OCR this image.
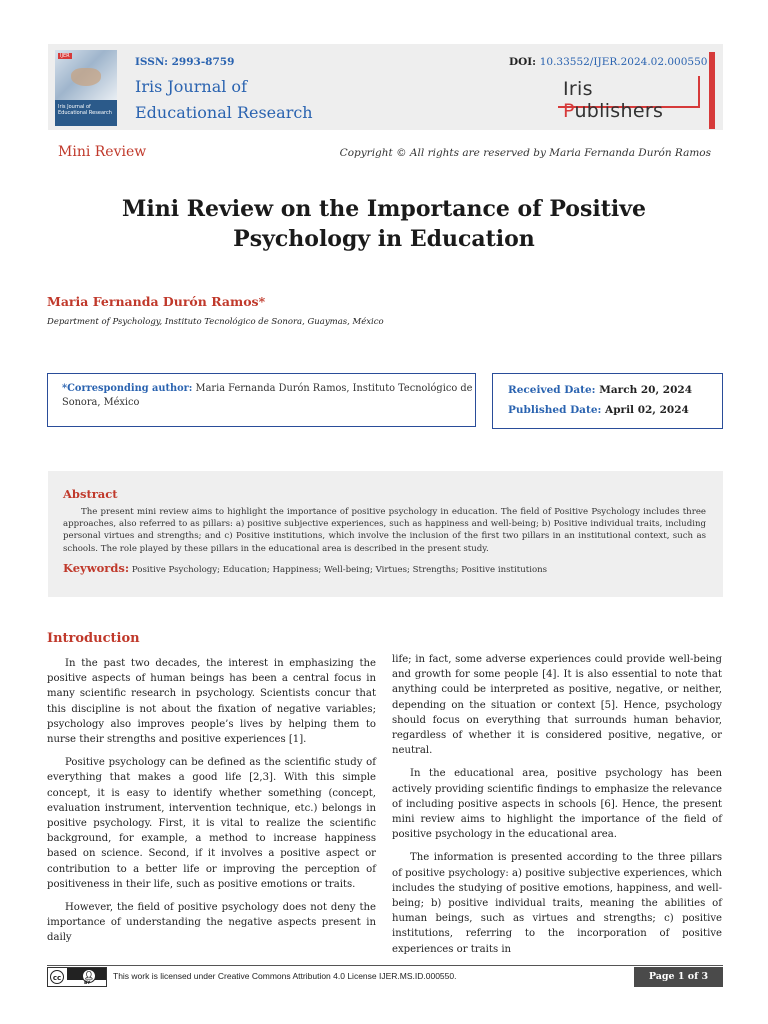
IJER
Iris Journal of Educational Research
ISSN: 2993-8759
Iris Journal of
Educational Research
DOI: 10.33552/IJER.2024.02.000550
Iris Publishers
Mini Review	Copyright © All rights are reserved by Maria Fernanda Durón Ramos
Mini Review on the Importance of Positive
Psychology in Education
Maria Fernanda Durón Ramos*
Department of Psychology, Instituto Tecnológico de Sonora, Guaymas, México
*Corresponding author: Maria Fernanda Durón Ramos, Instituto Tecnológico de Sonora, México
Received Date: March 20, 2024
Published Date: April 02, 2024
Abstract
The present mini review aims to highlight the importance of positive psychology in education. The field of Positive Psychology includes three approaches, also referred to as pillars: a) positive subjective experiences, such as happiness and well-being; b) Positive individual traits, including personal virtues and strengths; and c) Positive institutions, which involve the inclusion of the first two pillars in an institutional context, such as schools. The role played by these pillars in the educational area is described in the present study.
Keywords: Positive Psychology; Education; Happiness; Well-being; Virtues; Strengths; Positive institutions
Introduction

In the past two decades, the interest in emphasizing the positive aspects of human beings has been a central focus in many scientific research in psychology. Scientists concur that this discipline is not about the fixation of negative variables; psychology also improves people’s lives by helping them to nurse their strengths and positive experiences [1].

Positive psychology can be defined as the scientific study of everything that makes a good life [2,3]. With this simple concept, it is easy to identify whether something (concept, evaluation instrument, intervention technique, etc.) belongs in positive psychology. First, it is vital to realize the scientific background, for example, a method to increase happiness based on science. Second, if it involves a positive aspect or contribution to a better life or improving the perception of positiveness in their life, such as positive emotions or traits.

However, the field of positive psychology does not deny the importance of understanding the negative aspects present in daily

life; in fact, some adverse experiences could provide well-being and growth for some people [4]. It is also essential to note that anything could be interpreted as positive, negative, or neither, depending on the situation or context [5]. Hence, psychology should focus on everything that surrounds human behavior, regardless of whether it is considered positive, negative, or neutral.

In the educational area, positive psychology has been actively providing scientific findings to emphasize the relevance of including positive aspects in schools [6]. Hence, the present mini review aims to highlight the importance of the field of positive psychology in the educational area.

The information is presented according to the three pillars of positive psychology: a) positive subjective experiences, which includes the studying of positive emotions, happiness, and well-being; b) positive individual traits, meaning the abilities of human beings, such as virtues and strengths; c) positive institutions, referring to the incorporation of positive experiences or traits in

cc	👤︎
BY
This work is licensed under Creative Commons Attribution 4.0 License IJER.MS.ID.000550.	Page 1 of 3
